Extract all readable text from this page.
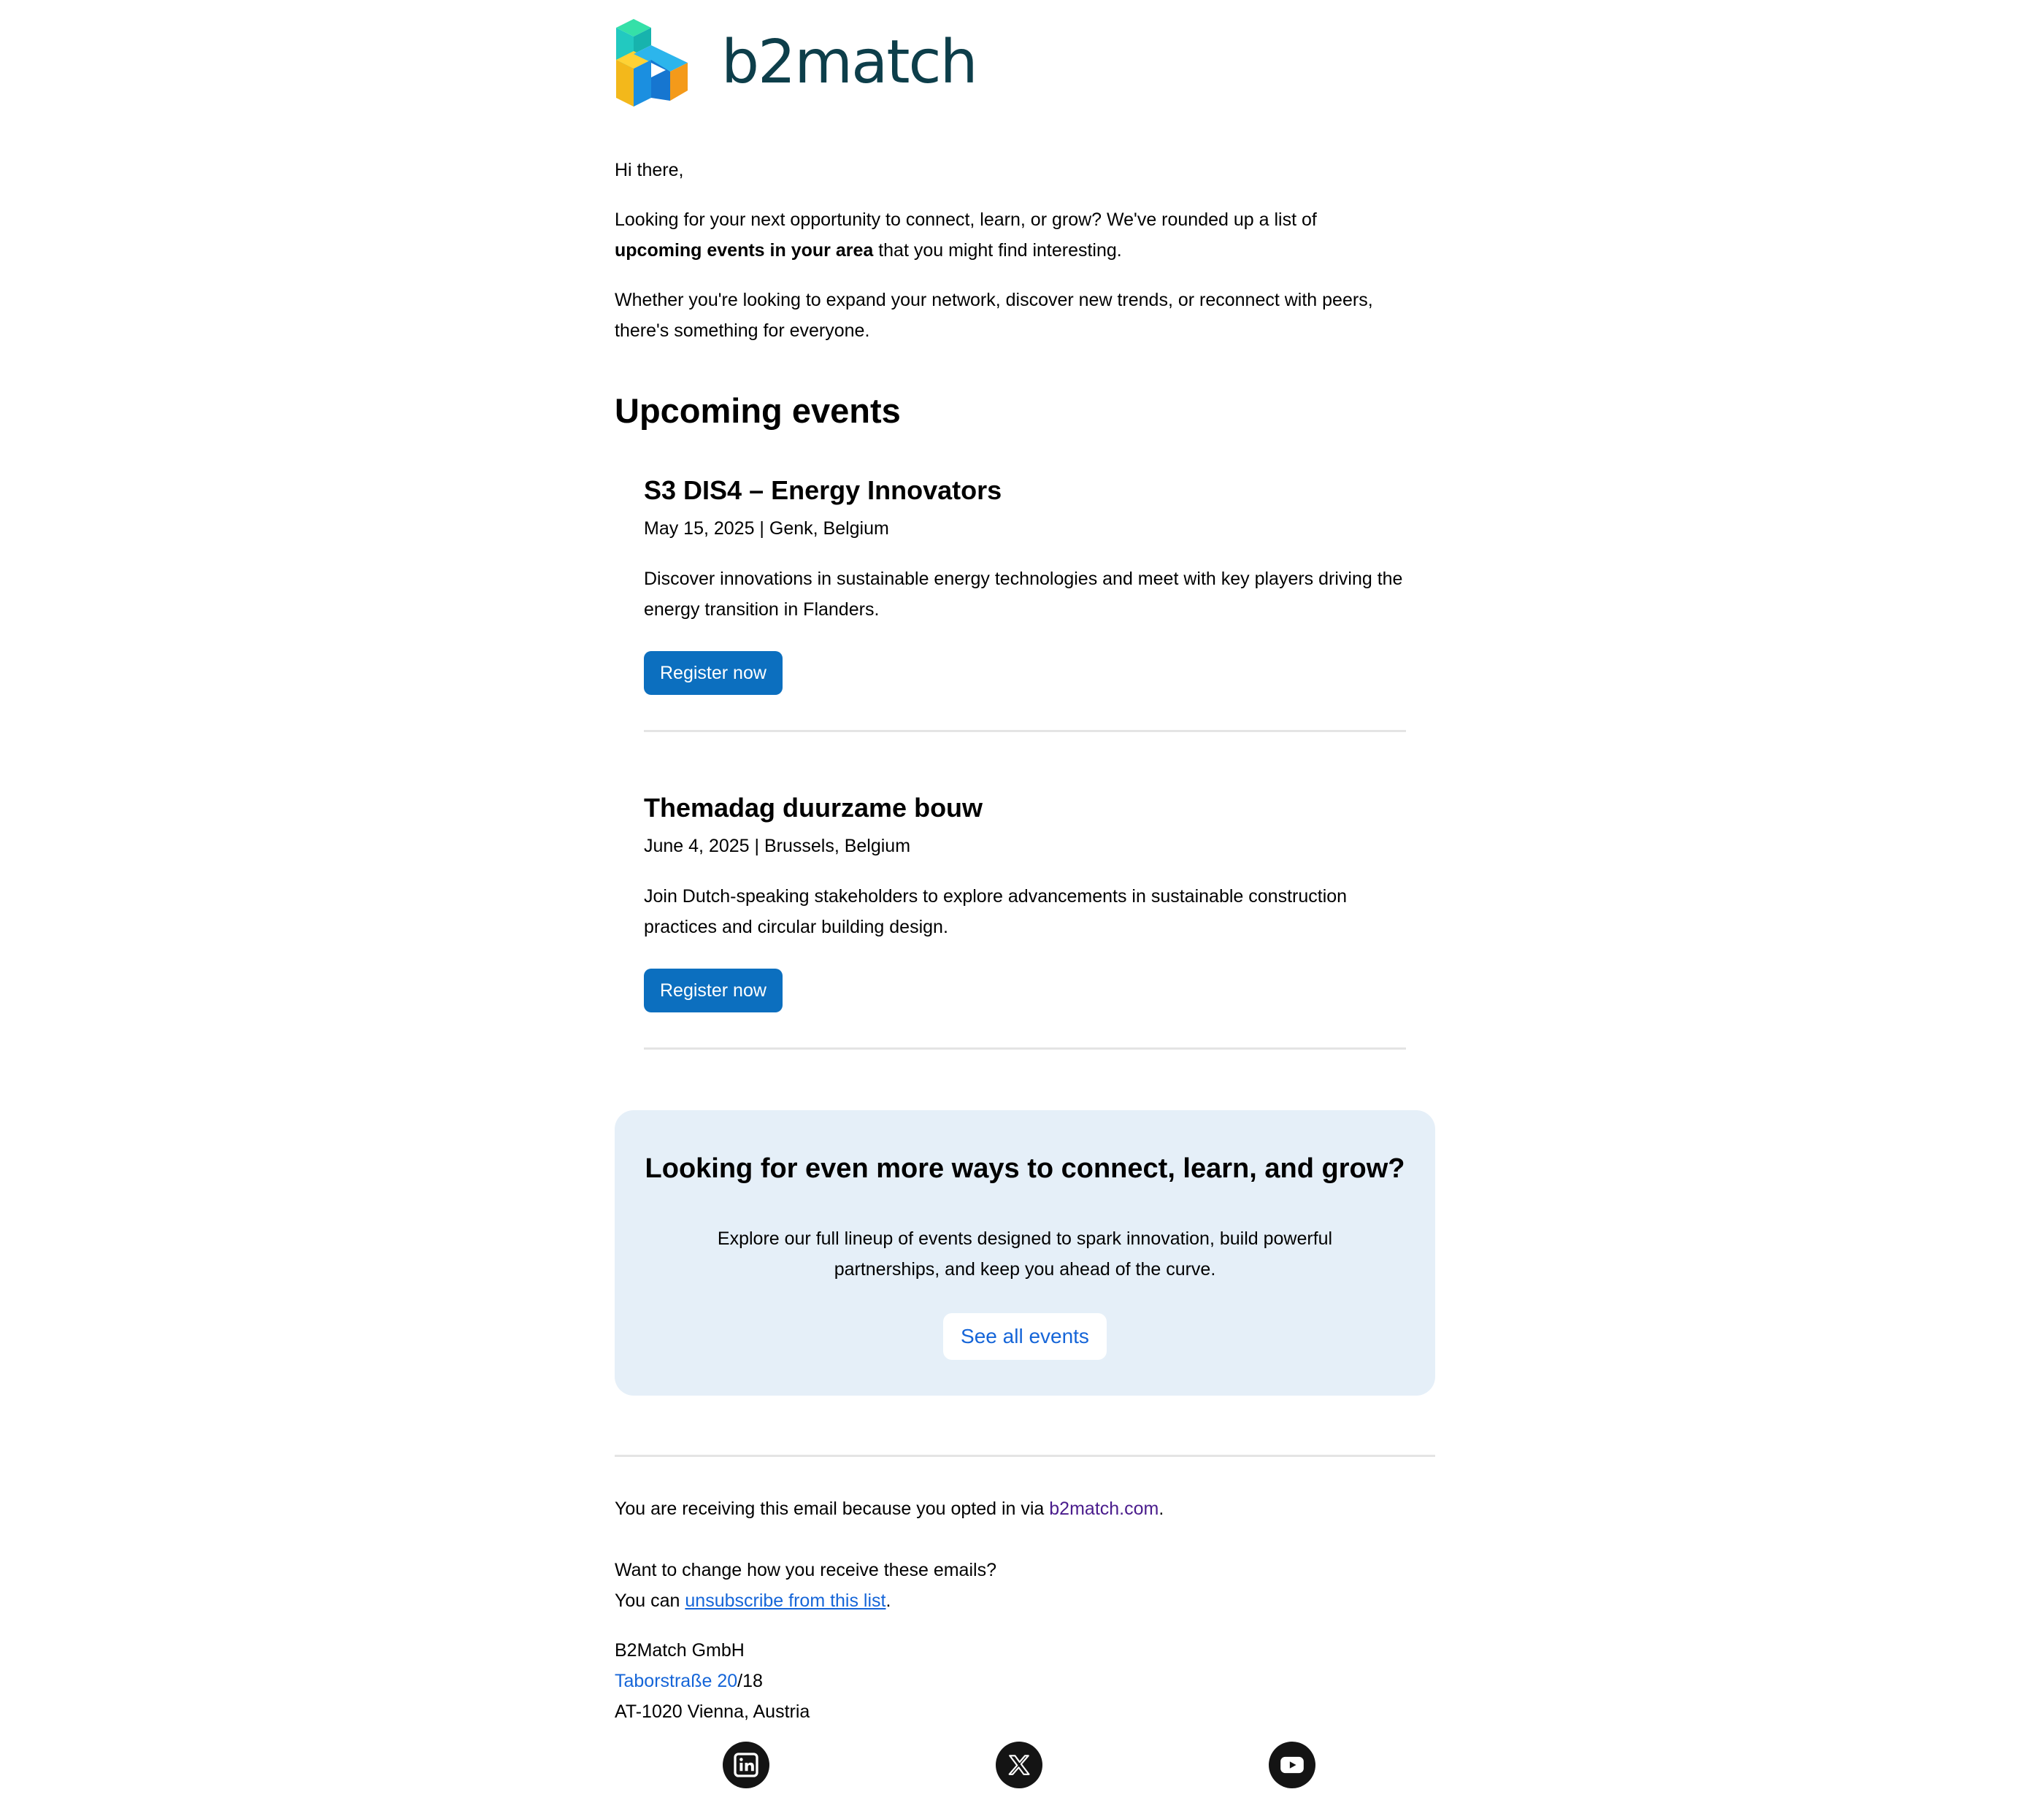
b2match
Hi there,
Looking for your next opportunity to connect, learn, or grow? We've rounded up a list of
upcoming events in your area that you might find interesting.
Whether you're looking to expand your network, discover new trends, or reconnect with peers, there's something for everyone.
Upcoming events
S3 DIS4 – Energy Innovators
May 15, 2025 | Genk, Belgium
Discover innovations in sustainable energy technologies and meet with key players driving the energy transition in Flanders.
Register now
Themadag duurzame bouw
June 4, 2025 | Brussels, Belgium
Join Dutch-speaking stakeholders to explore advancements in sustainable construction practices and circular building design.
Register now
Looking for even more ways to connect, learn, and grow?
Explore our full lineup of events designed to spark innovation, build powerful partnerships, and keep you ahead of the curve.
See all events
You are receiving this email because you opted in via b2match.com.
Want to change how you receive these emails?
You can unsubscribe from this list.
B2Match GmbH
Taborstraße 20/18
AT-1020 Vienna, Austria
